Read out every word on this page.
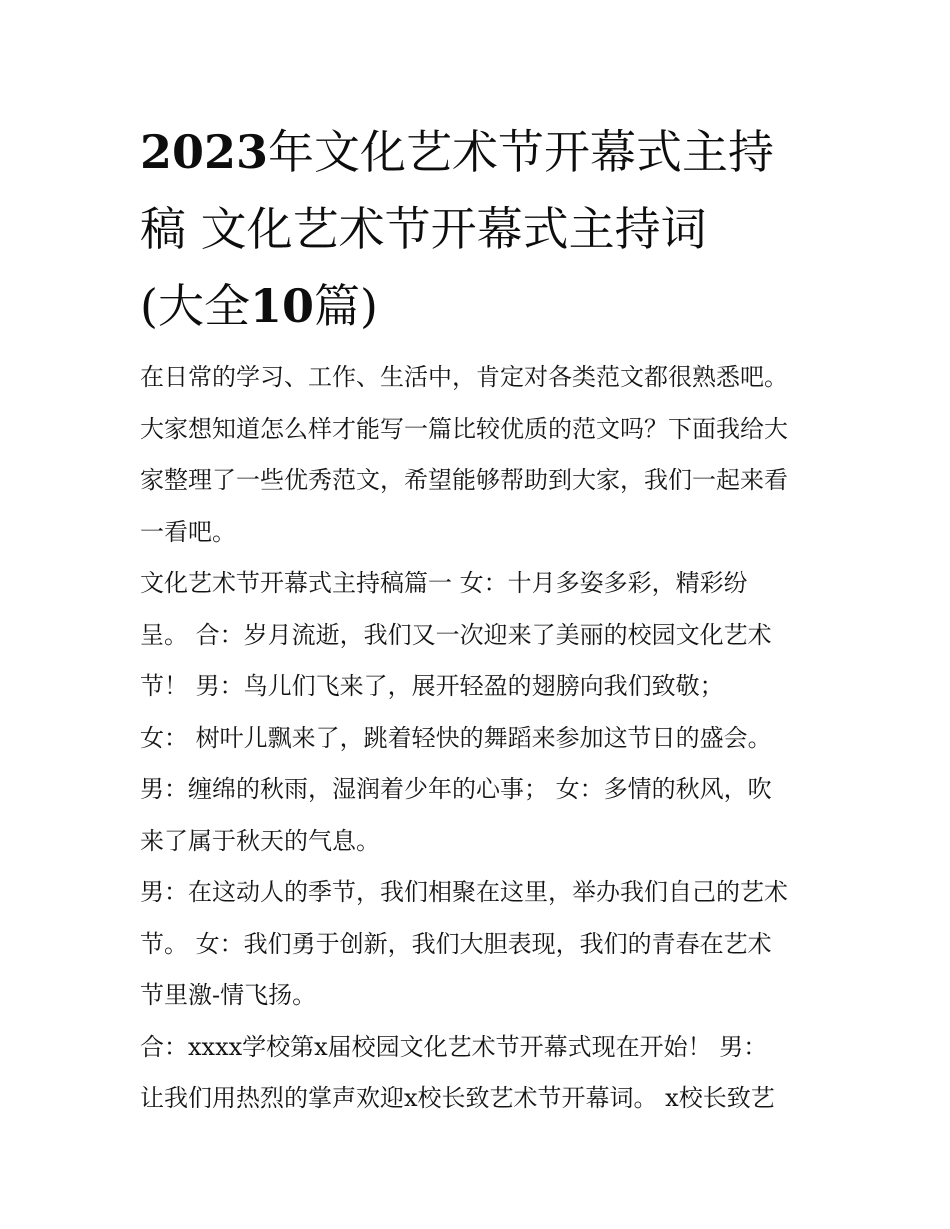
2023年文化艺术节开幕式主持
稿 文化艺术节开幕式主持词
(大全10篇)

在日常的学习、工作、生活中，肯定对各类范文都很熟悉吧。
大家想知道怎么样才能写一篇比较优质的范文吗？下面我给大
家整理了一些优秀范文，希望能够帮助到大家，我们一起来看
一看吧。

文化艺术节开幕式主持稿篇一 女：十月多姿多彩，精彩纷
呈。 合：岁月流逝，我们又一次迎来了美丽的校园文化艺术
节！ 男：鸟儿们飞来了，展开轻盈的翅膀向我们致敬；

女： 树叶儿飘来了，跳着轻快的舞蹈来参加这节日的盛会。

男：缠绵的秋雨，湿润着少年的心事； 女：多情的秋风，吹
来了属于秋天的气息。

男：在这动人的季节，我们相聚在这里，举办我们自己的艺术
节。 女：我们勇于创新，我们大胆表现，我们的青春在艺术
节里激-情飞扬。

合：xxxx学校第x届校园文化艺术节开幕式现在开始！ 男：
让我们用热烈的掌声欢迎x校长致艺术节开幕词。 x校长致艺
